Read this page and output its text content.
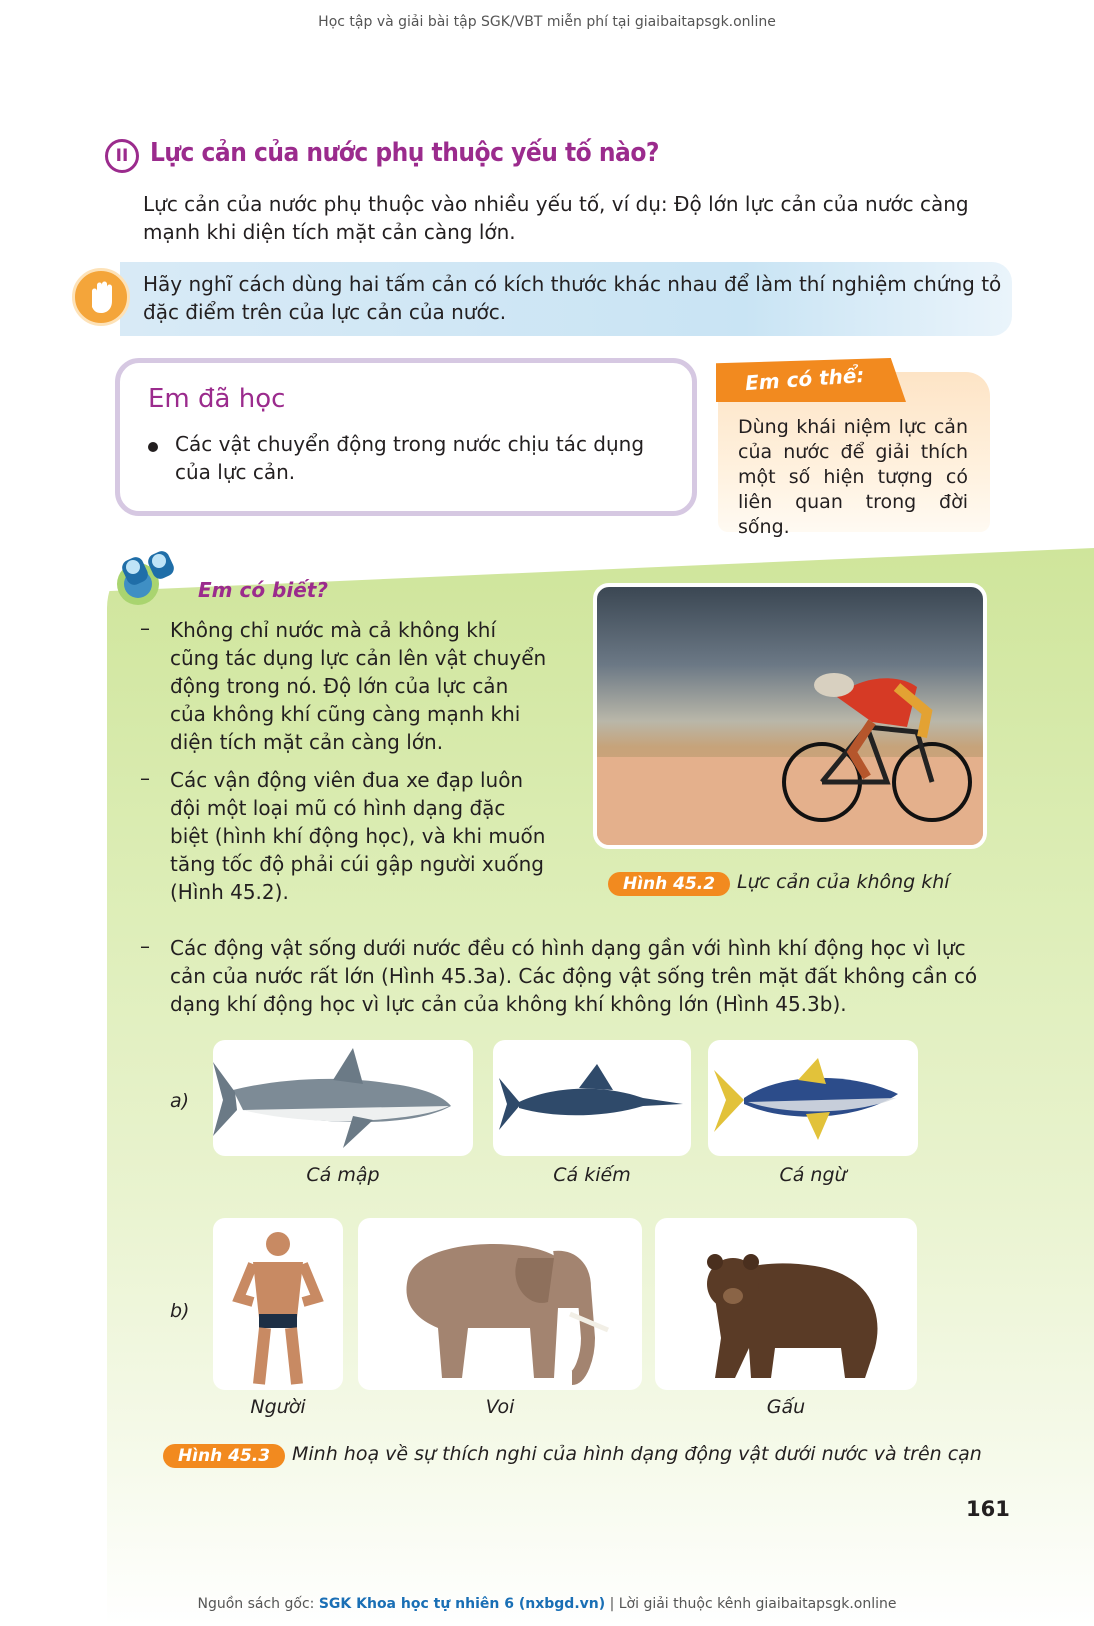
Học tập và giải bài tập SGK/VBT miễn phí tại giaibaitapsgk.online
II Lực cản của nước phụ thuộc yếu tố nào?
Lực cản của nước phụ thuộc vào nhiều yếu tố, ví dụ: Độ lớn lực cản của nước càng mạnh khi diện tích mặt cản càng lớn.
Hãy nghĩ cách dùng hai tấm cản có kích thước khác nhau để làm thí nghiệm chứng tỏ đặc điểm trên của lực cản của nước.
Em đã học
Các vật chuyển động trong nước chịu tác dụng của lực cản.
Em có thể:
Dùng khái niệm lực cản của nước để giải thích một số hiện tượng có liên quan trong đời sống.
Em có biết?
– Không chỉ nước mà cả không khí cũng tác dụng lực cản lên vật chuyển động trong nó. Độ lớn của lực cản của không khí cũng càng mạnh khi diện tích mặt cản càng lớn.
– Các vận động viên đua xe đạp luôn đội một loại mũ có hình dạng đặc biệt (hình khí động học), và khi muốn tăng tốc độ phải cúi gập người xuống (Hình 45.2).	Hình 45.2	Lực cản của không khí
– Các động vật sống dưới nước đều có hình dạng gần với hình khí động học vì lực cản của nước rất lớn (Hình 45.3a). Các động vật sống trên mặt đất không cần có dạng khí động học vì lực cản của không khí không lớn (Hình 45.3b).
a)
Cá mập	Cá kiếm	Cá ngừ
b)
Người	Voi	Gấu
Hình 45.3	Minh hoạ về sự thích nghi của hình dạng động vật dưới nước và trên cạn
161
Nguồn sách gốc: SGK Khoa học tự nhiên 6 (nxbgd.vn) | Lời giải thuộc kênh giaibaitapsgk.online
